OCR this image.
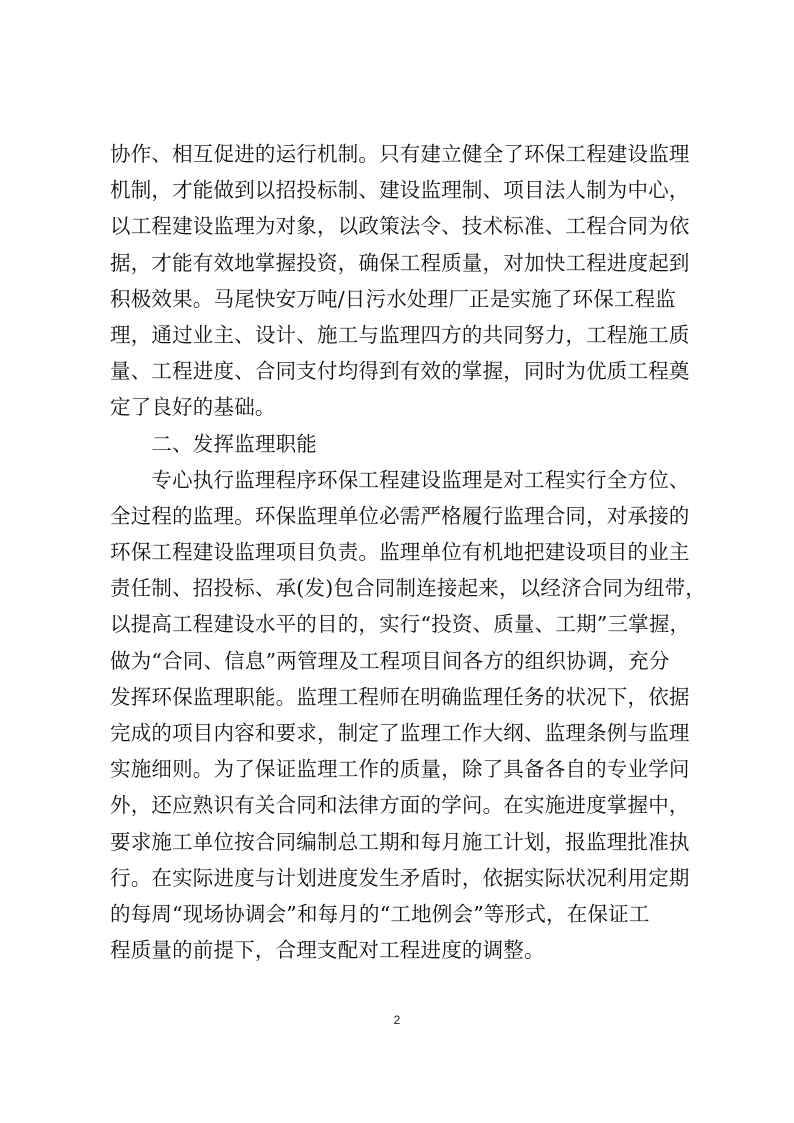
协作、相互促进的运行机制。只有建立健全了环保工程建设监理
机制，才能做到以招投标制、建设监理制、项目法人制为中心，
以工程建设监理为对象，以政策法令、技术标准、工程合同为依
据，才能有效地掌握投资，确保工程质量，对加快工程进度起到
积极效果。马尾快安万吨/日污水处理厂正是实施了环保工程监
理，通过业主、设计、施工与监理四方的共同努力，工程施工质
量、工程进度、合同支付均得到有效的掌握，同时为优质工程奠
定了良好的基础。
　　二、发挥监理职能
　　专心执行监理程序环保工程建设监理是对工程实行全方位、
全过程的监理。环保监理单位必需严格履行监理合同，对承接的
环保工程建设监理项目负责。监理单位有机地把建设项目的业主
责任制、招投标、承(发)包合同制连接起来，以经济合同为纽带，
以提高工程建设水平的目的，实行“投资、质量、工期”三掌握，
做为“合同、信息”两管理及工程项目间各方的组织协调，充分
发挥环保监理职能。监理工程师在明确监理任务的状况下，依据
完成的项目内容和要求，制定了监理工作大纲、监理条例与监理
实施细则。为了保证监理工作的质量，除了具备各自的专业学问
外，还应熟识有关合同和法律方面的学问。在实施进度掌握中，
要求施工单位按合同编制总工期和每月施工计划，报监理批准执
行。在实际进度与计划进度发生矛盾时，依据实际状况利用定期
的每周“现场协调会”和每月的“工地例会”等形式，在保证工
程质量的前提下，合理支配对工程进度的调整。
2
